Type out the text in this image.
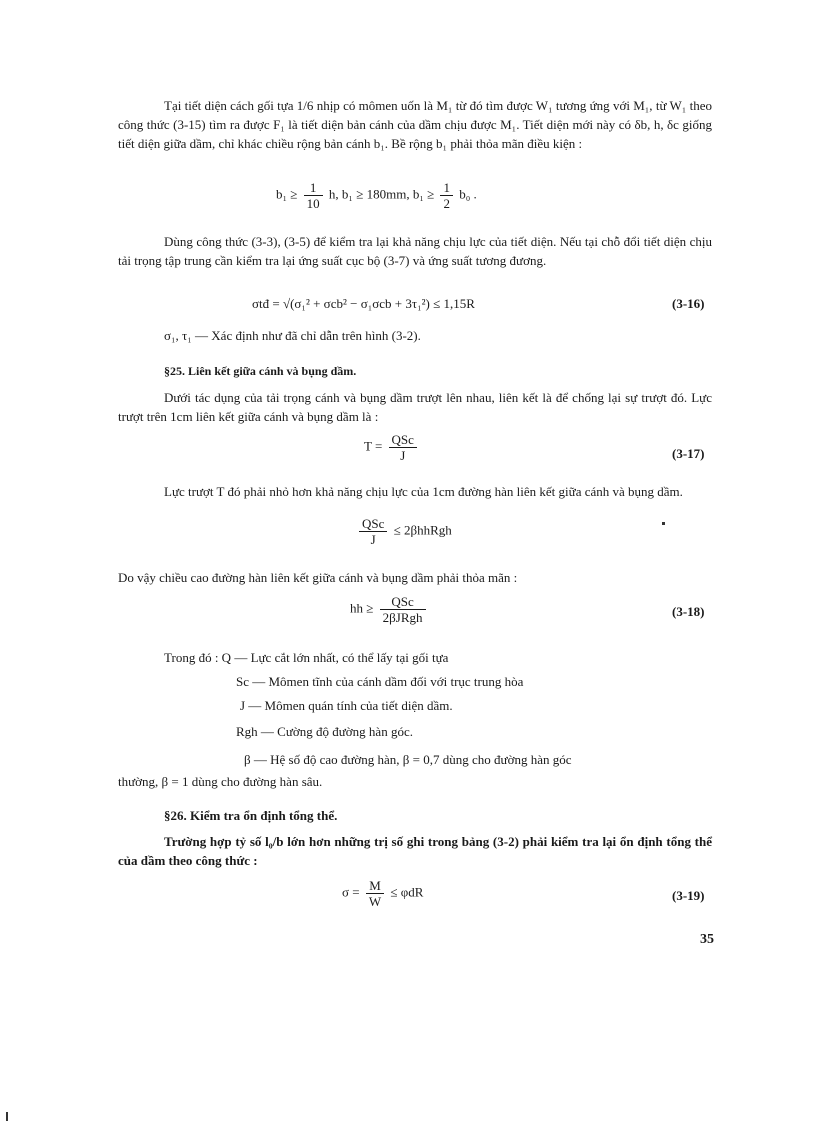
Tại tiết diện cách gối tựa 1/6 nhịp có mômen uốn là M₁ từ đó tìm được W₁ tương ứng với M₁, từ W₁ theo công thức (3-15) tìm ra được F₁ là tiết diện bản cánh của dầm chịu được M₁. Tiết diện mới này có δb, h, δc giống tiết diện giữa dầm, chỉ khác chiều rộng bản cánh b₁. Bề rộng b₁ phải thỏa mãn điều kiện :
$b_1 \ge \frac{1}{10} h$, b₁ ≥ 180mm, $b_1 \ge \frac{1}{2} b_0$ .
Dùng công thức (3-3), (3-5) để kiểm tra lại khả năng chịu lực của tiết diện. Nếu tại chỗ đổi tiết diện chịu tải trọng tập trung cần kiểm tra lại ứng suất cục bộ (3-7) và ứng suất tương đương.
σtđ = √(σ₁² + σcb² − σ₁σcb + 3τ₁²) ≤ 1,15R	(3-16)
σ₁, τ₁ — Xác định như đã chỉ dẫn trên hình (3-2).
§25. Liên kết giữa cánh và bụng dầm.
Dưới tác dụng của tải trọng cánh và bụng dầm trượt lên nhau, liên kết là để chống lại sự trượt đó. Lực trượt trên 1cm liên kết giữa cánh và bụng dầm là :
$T = \frac{\text{QSc}}{J}$	(3-17)
Lực trượt T đó phải nhỏ hơn khả năng chịu lực của 1cm đường hàn liên kết giữa cánh và bụng dầm.
$\frac{\text{QSc}}{J}$ ≤ 2βhhRgh
Do vậy chiều cao đường hàn liên kết giữa cánh và bụng dầm phải thỏa mãn :
hh ≥ $\frac{\text{QSc}}{\text{2βJRgh}}$	(3-18)
Trong đó : Q — Lực cắt lớn nhất, có thể lấy tại gối tựa
Sc — Mômen tĩnh của cánh dầm đối với trục trung hòa
J — Mômen quán tính của tiết diện dầm.
Rgh — Cường độ đường hàn góc.
β — Hệ số độ cao đường hàn, β = 0,7 dùng cho đường hàn góc
thường, β = 1 dùng cho đường hàn sâu.
§26. Kiểm tra ổn định tổng thể.
Trường hợp tỷ số l₀/b lớn hơn những trị số ghi trong bảng (3-2) phải kiểm tra lại ổn định tổng thể của dầm theo công thức :
$\sigma = \frac{M}{W} \le \varphi dR$	(3-19)
35
